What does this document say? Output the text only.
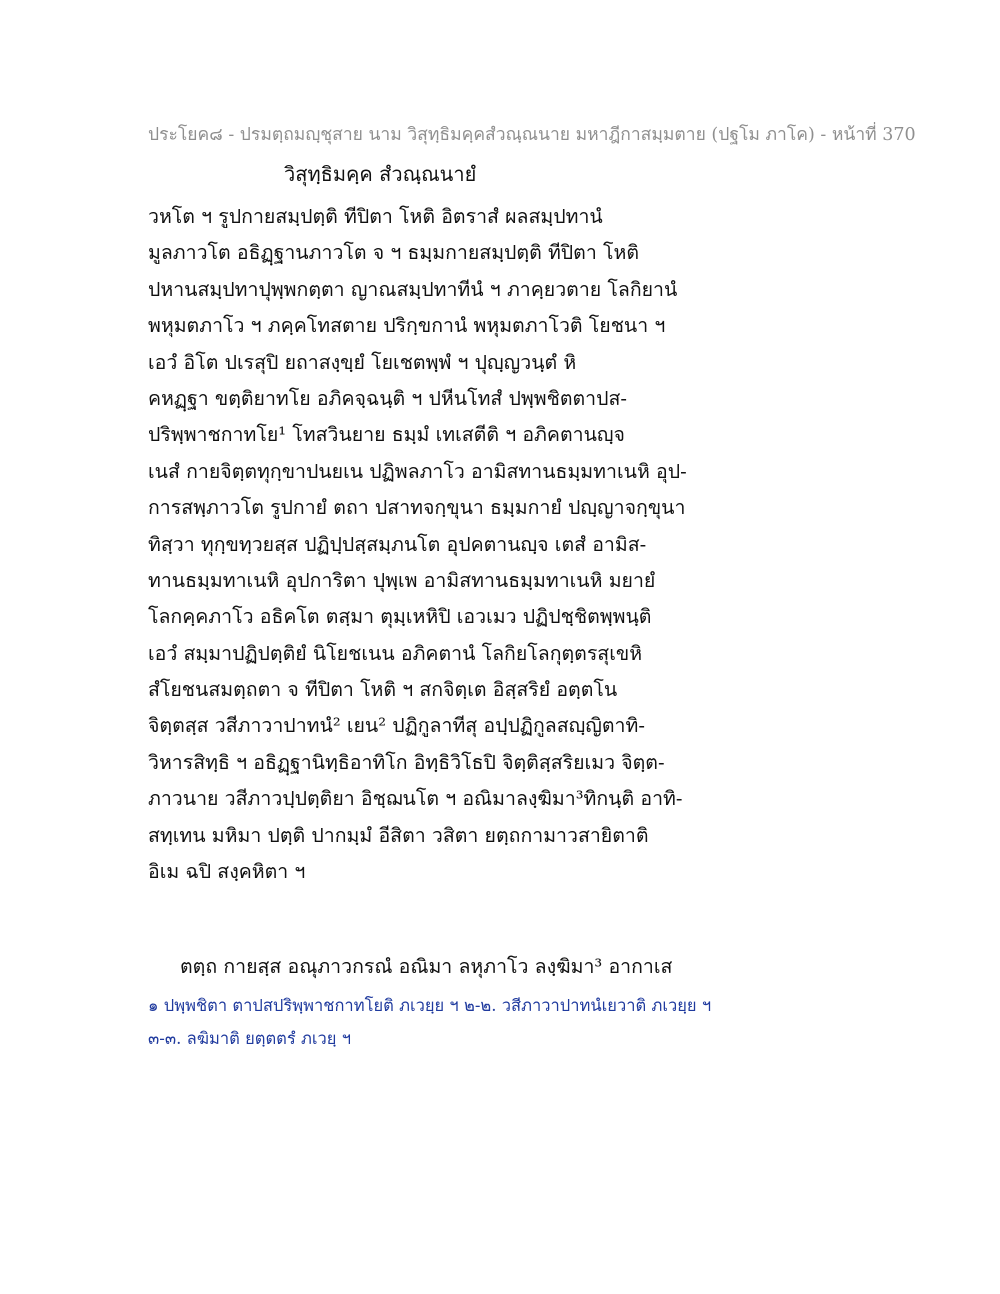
ประโยค๘ - ปรมตฺถมญฺชุสาย นาม วิสุทฺธิมคฺคสํวณฺณนาย มหาฎีกาสมฺมตาย (ปฐโม ภาโค) - หน้าที่ 370
วิสุทฺธิมคฺค สํวณฺณนายํ
วหโต ฯ รูปกายสมฺปตฺติ ทีปิตา โหติ อิตราสํ ผลสมฺปทานํ
มูลภาวโต อธิฏฺฐานภาวโต จ ฯ ธมฺมกายสมฺปตฺติ ทีปิตา โหติ
ปหานสมฺปทาปุพฺพกตฺตา ญาณสมฺปทาทีนํ ฯ ภาคฺยวตาย โลกิยานํ
พหุมตภาโว ฯ ภคฺคโทสตาย ปริกฺขกานํ พหุมตภาโวติ โยชนา ฯ
เอวํ อิโต ปเรสุปิ ยถาสงฺขฺยํ โยเชตพฺพํ ฯ ปุญฺญวนฺตํ หิ
คหฏฺฐา ขตฺติยาทโย อภิคจฺฉนฺติ ฯ ปหีนโทสํ ปพฺพชิตตาปส-
ปริพฺพาชกาทโย¹ โทสวินยาย ธมฺมํ เทเสตีติ ฯ อภิคตานญฺจ
เนสํ กายจิตฺตทุกฺขาปนยเน ปฏิพลภาโว อามิสทานธมฺมทาเนหิ อุป-
การสพฺภาวโต รูปกายํ ตถา ปสาทจกฺขุนา ธมฺมกายํ ปญฺญาจกฺขุนา
ทิสฺวา ทุกฺขทฺวยสฺส ปฏิปฺปสฺสมฺภนโต อุปคตานญฺจ เตสํ อามิส-
ทานธมฺมทาเนหิ อุปการิตา ปุพฺเพ อามิสทานธมฺมทาเนหิ มยายํ
โลกคฺคภาโว อธิคโต ตสฺมา ตุมฺเหหิปิ เอวเมว ปฏิปชฺชิตพฺพนฺติ
เอวํ สมฺมาปฏิปตฺติยํ นิโยชเนน อภิคตานํ โลกิยโลกุตฺตรสุเขหิ
สํโยชนสมตฺถตา จ ทีปิตา โหติ ฯ สกจิตฺเต อิสฺสริยํ อตฺตโน
จิตฺตสฺส วสีภาวาปาทนํ² เยน² ปฏิกูลาทีสุ อปฺปฏิกูลสญฺญิตาทิ-
วิหารสิทฺธิ ฯ อธิฏฺฐานิทฺธิอาทิโก อิทฺธิวิโธปิ จิตฺติสฺสริยเมว จิตฺต-
ภาวนาย วสีภาวปฺปตฺติยา อิชฺฌนโต ฯ อณิมาลงฺฆิมา³ทิกนฺติ อาทิ-
สทฺเทน มหิมา ปตฺติ ปากมฺมํ อีสิตา วสิตา ยตฺถกามาวสายิตาติ
อิเม ฉปิ สงฺคหิตา ฯ
ตตฺถ กายสฺส อณุภาวกรณํ อณิมา ลหุภาโว ลงฺฆิมา³ อากาเส
๑ ปพฺพชิตา ตาปสปริพฺพาชกาทโยติ ภเวยฺย ฯ ๒-๒. วสีภาวาปาทนํเยวาติ ภเวยฺย ฯ
๓-๓. ลฆิมาติ ยตฺตตรํ ภเวยฺ ฯ
